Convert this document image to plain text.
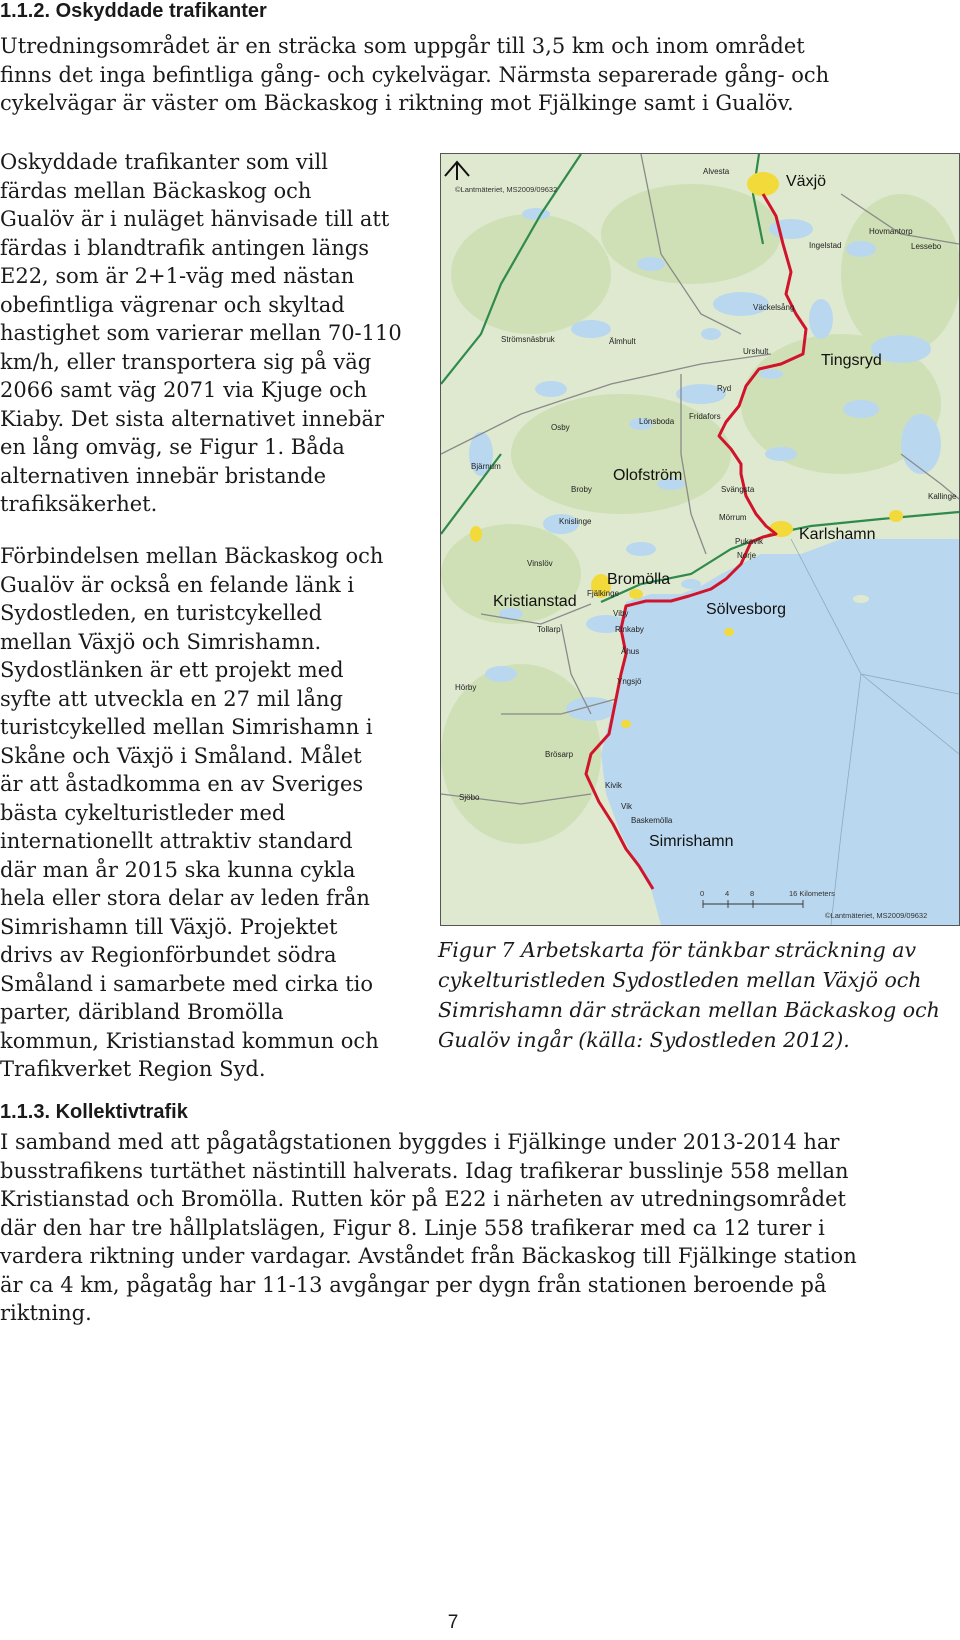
1.1.2. Oskyddade trafikanter

Utredningsområdet är en sträcka som uppgår till 3,5 km och inom området
finns det inga befintliga gång- och cykelvägar. Närmsta separerade gång- och
cykelvägar är väster om Bäckaskog i riktning mot Fjälkinge samt i Gualöv.

Oskyddade trafikanter som vill
färdas mellan Bäckaskog och
Gualöv är i nuläget hänvisade till att
färdas i blandtrafik antingen längs
E22, som är 2+1-väg med nästan
obefintliga vägrenar och skyltad
hastighet som varierar mellan 70-110
km/h, eller transportera sig på väg
2066 samt väg 2071 via Kjuge och
Kiaby. Det sista alternativet innebär
en lång omväg, se Figur 1. Båda
alternativen innebär bristande
trafiksäkerhet.

Förbindelsen mellan Bäckaskog och
Gualöv är också en felande länk i
Sydostleden, en turistcykelled
mellan Växjö och Simrishamn.
Sydostlänken är ett projekt med
syfte att utveckla en 27 mil lång
turistcykelled mellan Simrishamn i
Skåne och Växjö i Småland. Målet
är att åstadkomma en av Sveriges
bästa cykelturistleder med
internationellt attraktiv standard
där man år 2015 ska kunna cykla
hela eller stora delar av leden från
Simrishamn till Växjö. Projektet
drivs av Regionförbundet södra
Småland i samarbete med cirka tio
parter, däribland Bromölla
kommun, Kristianstad kommun och
Trafikverket Region Syd.

©Lantmäteriet, MS2009/09632
©Lantmäteriet, MS2009/09632
0	4	8	16 Kilometers
Växjö
Tingsryd
Olofström
Karlshamn
Bromölla
Kristianstad	Sölvesborg
Simrishamn
Alvesta
Ingelstad
Hovmantorp
Lessebo
Väckelsång
Strömsnäsbruk	Älmhult
Urshult
Ryd
Fridafors
Lönsboda
Osby
Bjärnum
Broby	Svängsta
Kallinge
Mörrum
Knislinge
Vinslöv
Pukavik
Norje
Fjälkinge
Viby
Rinkaby
Tollarp
Åhus
Hörby
Yngsjö
Brösarp
Kivik
Sjöbo
Vik
Baskemölla

Figur 7 Arbetskarta för tänkbar sträckning av
cykelturistleden Sydostleden mellan Växjö och
Simrishamn där sträckan mellan Bäckaskog och
Gualöv ingår (källa: Sydostleden 2012).

1.1.3. Kollektivtrafik

I samband med att pågatågstationen byggdes i Fjälkinge under 2013-2014 har
busstrafikens turtäthet nästintill halverats. Idag trafikerar busslinje 558 mellan
Kristianstad och Bromölla. Rutten kör på E22 i närheten av utredningsområdet
där den har tre hållplatslägen, Figur 8. Linje 558 trafikerar med ca 12 turer i
vardera riktning under vardagar. Avståndet från Bäckaskog till Fjälkinge station
är ca 4 km, pågatåg har 11-13 avgångar per dygn från stationen beroende på
riktning.

7
